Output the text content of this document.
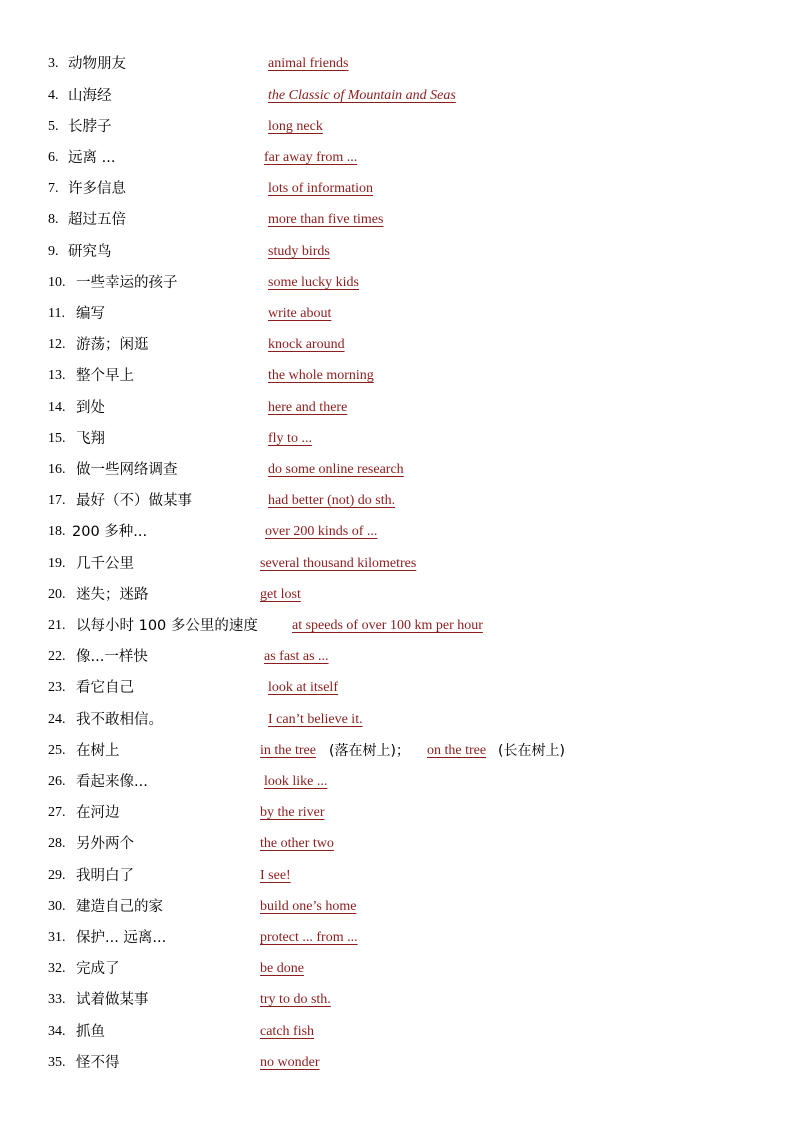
3. 动物朋友	animal friends
4. 山海经	the Classic of Mountain and Seas
5. 长脖子	long neck
6. 远离 ...	far away from ...
7. 许多信息	lots of information
8. 超过五倍	more than five times
9. 研究鸟	study birds
10. 一些幸运的孩子	some lucky kids
11. 编写	write about
12. 游荡；闲逛	knock around
13. 整个早上	the whole morning
14. 到处	here and there
15. 飞翔	fly to ...
16. 做一些网络调查	do some online research
17. 最好（不）做某事	had better (not) do sth.
18. 200 多种...	over 200 kinds of ...
19. 几千公里	several thousand kilometres
20. 迷失；迷路	get lost
21. 以每小时 100 多公里的速度 at speeds of over 100 km per hour
22. 像...一样快	as fast as ...
23. 看它自己	look at itself
24. 我不敢相信。	I can’t believe it.
25. 在树上	in the tree (落在树上)； on the tree (长在树上)
26. 看起来像...	look like ...
27. 在河边	by the river
28. 另外两个	the other two
29. 我明白了	I see!
30. 建造自己的家	build one’s home
31. 保护... 远离...	protect ... from ...
32. 完成了	be done
33. 试着做某事	try to do sth.
34. 抓鱼	catch fish
35. 怪不得	no wonder
